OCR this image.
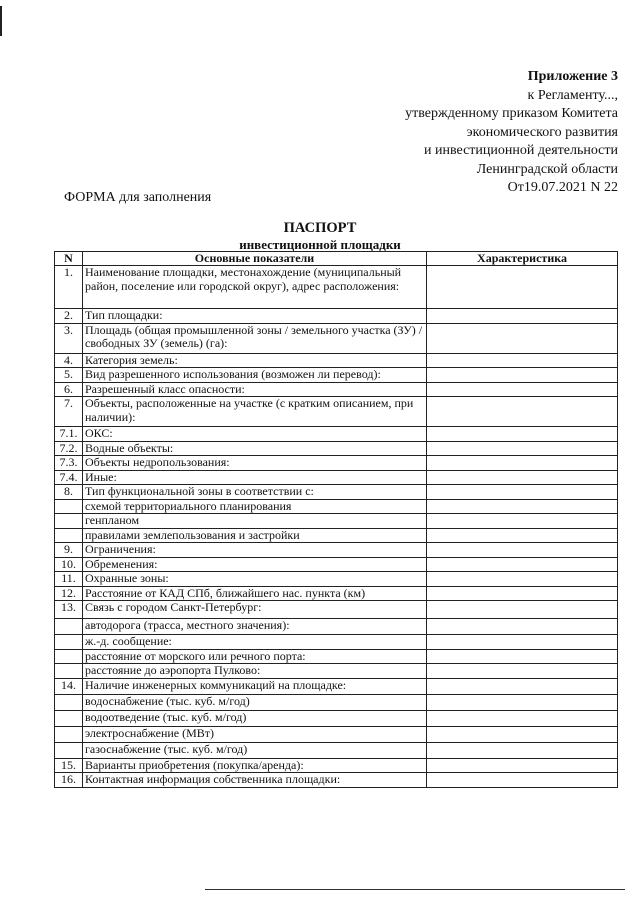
Приложение 3
к Регламенту...,
утвержденному приказом Комитета
экономического развития
и инвестиционной деятельности
Ленинградской области
От19.07.2021 N 22
ФОРМА для заполнения
ПАСПОРТ
инвестиционной площадки
N	Основные показатели	Характеристика
1.	Наименование площадки, местонахождение (муниципальный район, поселение или городской округ), адрес расположения:	
2.	Тип площадки:	
3.	Площадь (общая промышленной зоны / земельного участка (ЗУ) / свободных ЗУ (земель) (га):	
4.	Категория земель:	
5.	Вид разрешенного использования (возможен ли перевод):	
6.	Разрешенный класс опасности:	
7.	Объекты, расположенные на участке (с кратким описанием, при наличии):	
7.1.	ОКС:	
7.2.	Водные объекты:	
7.3.	Объекты недропользования:	
7.4.	Иные:	
8.	Тип функциональной зоны в соответствии с:	
	схемой территориального планирования	
	генпланом	
	правилами землепользования и застройки	
9.	Ограничения:	
10.	Обременения:	
11.	Охранные зоны:	
12.	Расстояние от КАД СПб, ближайшего нас. пункта (км)	
13.	Связь с городом Санкт-Петербург:	
	автодорога (трасса, местного значения):	
	ж.-д. сообщение:	
	расстояние от морского или речного порта:	
	расстояние до аэропорта Пулково:	
14.	Наличие инженерных коммуникаций на площадке:	
	водоснабжение (тыс. куб. м/год)	
	водоотведение (тыс. куб. м/год)	
	электроснабжение (МВт)	
	газоснабжение (тыс. куб. м/год)	
15.	Варианты приобретения (покупка/аренда):	
16.	Контактная информация собственника площадки:	
